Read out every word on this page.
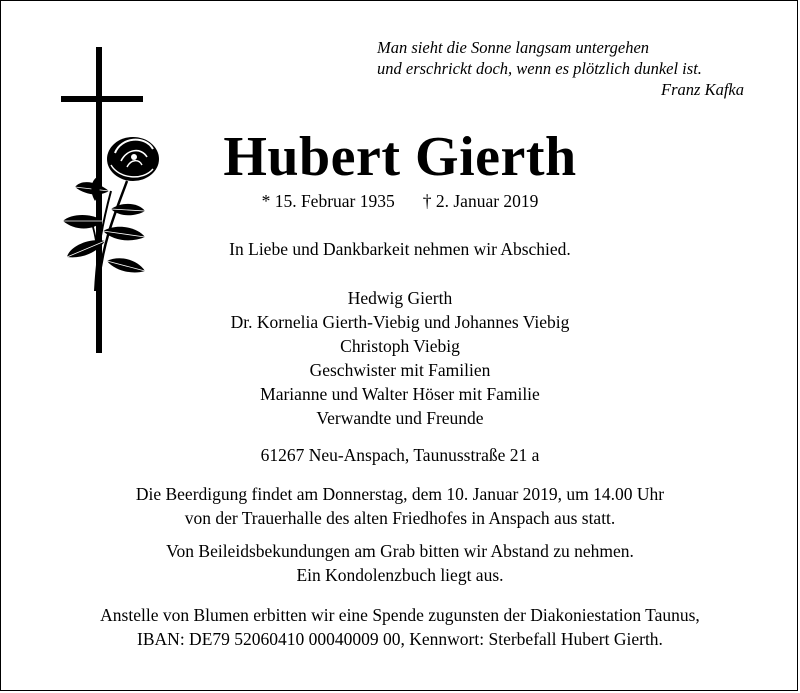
Man sieht die Sonne langsam untergehen
und erschrickt doch, wenn es plötzlich dunkel ist.
Franz Kafka
Hubert Gierth
* 15. Februar 1935 † 2. Januar 2019
In Liebe und Dankbarkeit nehmen wir Abschied.
Hedwig Gierth
Dr. Kornelia Gierth-Viebig und Johannes Viebig
Christoph Viebig
Geschwister mit Familien
Marianne und Walter Höser mit Familie
Verwandte und Freunde
61267 Neu-Anspach, Taunusstraße 21 a
Die Beerdigung findet am Donnerstag, dem 10. Januar 2019, um 14.00 Uhr
von der Trauerhalle des alten Friedhofes in Anspach aus statt.
Von Beileidsbekundungen am Grab bitten wir Abstand zu nehmen.
Ein Kondolenzbuch liegt aus.
Anstelle von Blumen erbitten wir eine Spende zugunsten der Diakoniestation Taunus,
IBAN: DE79 52060410 00040009 00, Kennwort: Sterbefall Hubert Gierth.
